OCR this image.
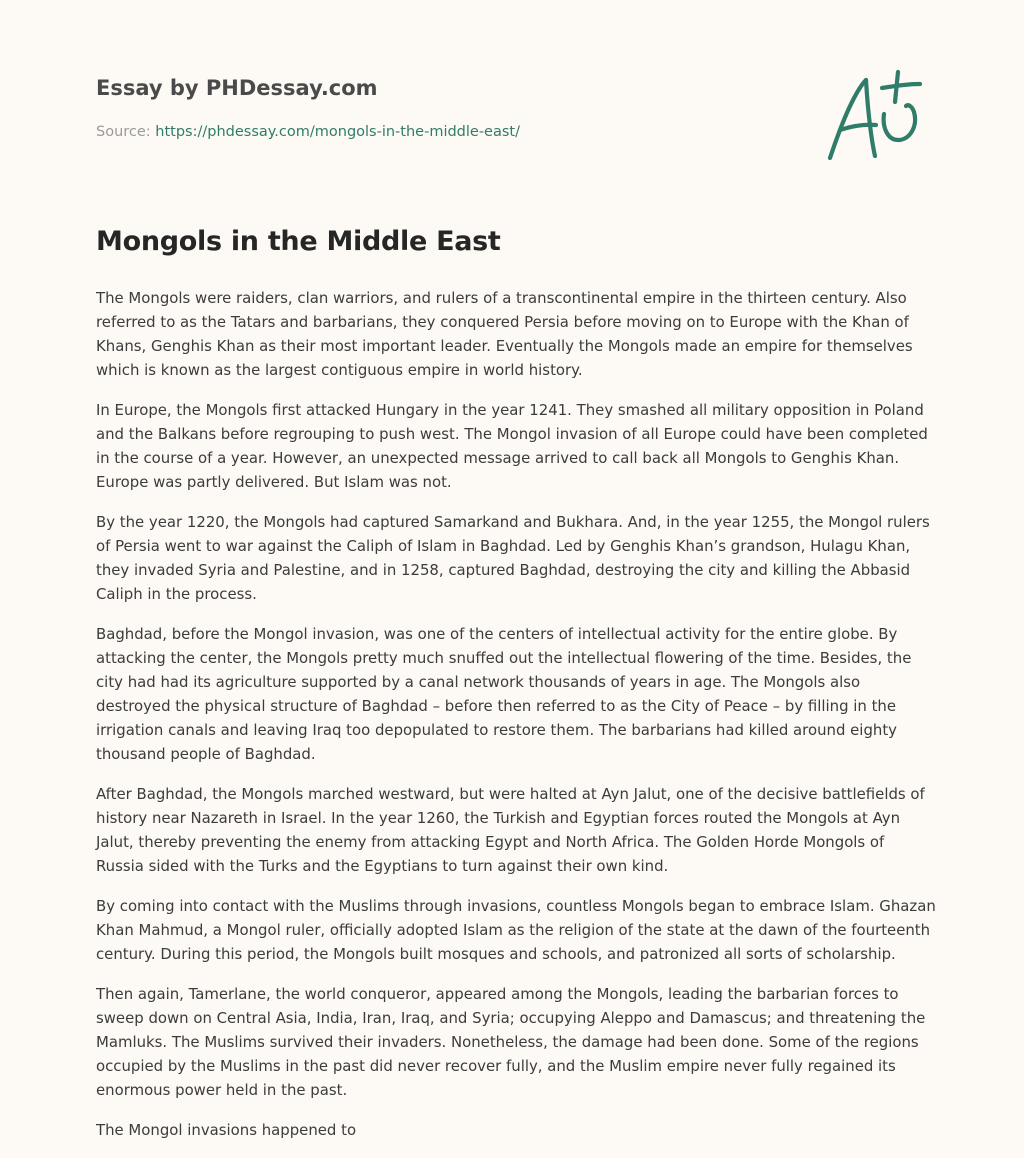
Essay by PHDessay.com
Source: https://phdessay.com/mongols-in-the-middle-east/
Mongols in the Middle East

The Mongols were raiders, clan warriors, and rulers of a transcontinental empire in the thirteen century. Also referred to as the Tatars and barbarians, they conquered Persia before moving on to Europe with the Khan of Khans, Genghis Khan as their most important leader. Eventually the Mongols made an empire for themselves which is known as the largest contiguous empire in world history.

In Europe, the Mongols first attacked Hungary in the year 1241. They smashed all military opposition in Poland and the Balkans before regrouping to push west. The Mongol invasion of all Europe could have been completed in the course of a year. However, an unexpected message arrived to call back all Mongols to Genghis Khan. Europe was partly delivered. But Islam was not.

By the year 1220, the Mongols had captured Samarkand and Bukhara. And, in the year 1255, the Mongol rulers of Persia went to war against the Caliph of Islam in Baghdad. Led by Genghis Khan’s grandson, Hulagu Khan, they invaded Syria and Palestine, and in 1258, captured Baghdad, destroying the city and killing the Abbasid Caliph in the process.

Baghdad, before the Mongol invasion, was one of the centers of intellectual activity for the entire globe. By attacking the center, the Mongols pretty much snuffed out the intellectual flowering of the time. Besides, the city had had its agriculture supported by a canal network thousands of years in age. The Mongols also destroyed the physical structure of Baghdad – before then referred to as the City of Peace – by filling in the irrigation canals and leaving Iraq too depopulated to restore them. The barbarians had killed around eighty thousand people of Baghdad.

After Baghdad, the Mongols marched westward, but were halted at Ayn Jalut, one of the decisive battlefields of history near Nazareth in Israel. In the year 1260, the Turkish and Egyptian forces routed the Mongols at Ayn Jalut, thereby preventing the enemy from attacking Egypt and North Africa. The Golden Horde Mongols of Russia sided with the Turks and the Egyptians to turn against their own kind.

By coming into contact with the Muslims through invasions, countless Mongols began to embrace Islam. Ghazan Khan Mahmud, a Mongol ruler, officially adopted Islam as the religion of the state at the dawn of the fourteenth century. During this period, the Mongols built mosques and schools, and patronized all sorts of scholarship.

Then again, Tamerlane, the world conqueror, appeared among the Mongols, leading the barbarian forces to sweep down on Central Asia, India, Iran, Iraq, and Syria; occupying Aleppo and Damascus; and threatening the Mamluks. The Muslims survived their invaders. Nonetheless, the damage had been done. Some of the regions occupied by the Muslims in the past did never recover fully, and the Muslim empire never fully regained its enormous power held in the past.

The Mongol invasions happened to
